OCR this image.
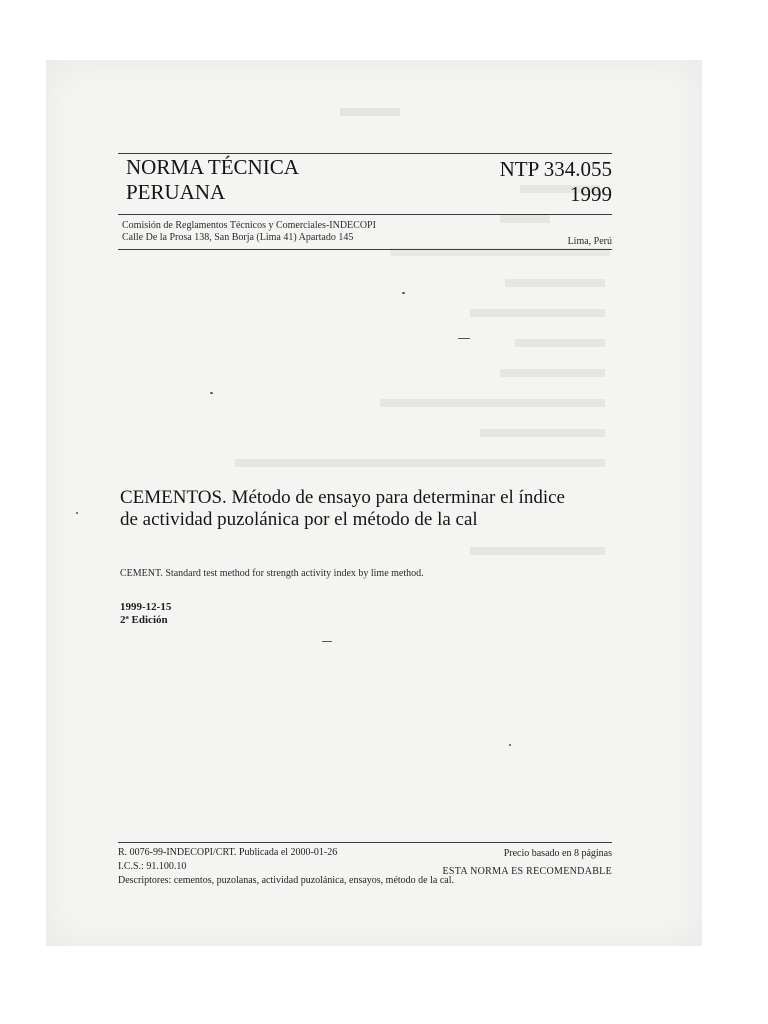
NORMA TÉCNICA
PERUANA
NTP 334.055
1999
Comisión de Reglamentos Técnicos y Comerciales-INDECOPI
Calle De la Prosa 138, San Borja (Lima 41) Apartado 145	Lima, Perú
CEMENTOS. Método de ensayo para determinar el índice
de actividad puzolánica por el método de la cal
CEMENT. Standard test method for strength activity index by lime method.
1999-12-15
2ª Edición
R. 0076-99-INDECOPI/CRT. Publicada el 2000-01-26
I.C.S.: 91.100.10
Descriptores: cementos, puzolanas, actividad puzolánica, ensayos, método de la cal.
Precio basado en 8 páginas
ESTA NORMA ES RECOMENDABLE
